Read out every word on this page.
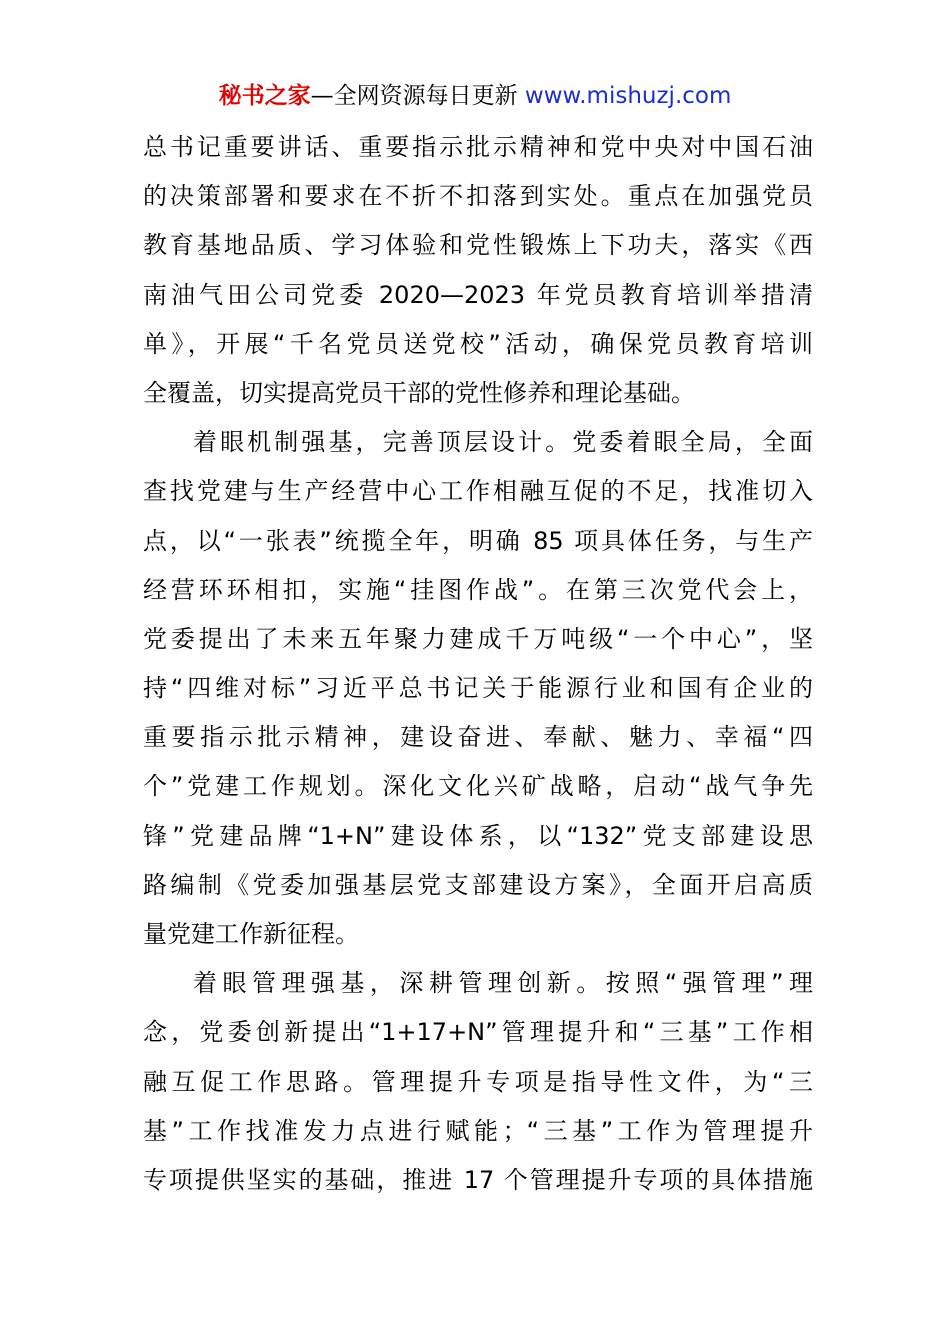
秘书之家—全网资源每日更新 www.mishuzj.com
总书记重要讲话、重要指示批示精神和党中央对中国石油
的决策部署和要求在不折不扣落到实处。重点在加强党员
教育基地品质、学习体验和党性锻炼上下功夫，落实《西
南油气田公司党委 2020—2023 年党员教育培训举措清
单》，开展“千名党员送党校”活动，确保党员教育培训
全覆盖，切实提高党员干部的党性修养和理论基础。
着眼机制强基，完善顶层设计。党委着眼全局，全面
查找党建与生产经营中心工作相融互促的不足，找准切入
点，以“一张表”统揽全年，明确 85 项具体任务，与生产
经营环环相扣，实施“挂图作战”。在第三次党代会上，
党委提出了未来五年聚力建成千万吨级“一个中心”，坚
持“四维对标”习近平总书记关于能源行业和国有企业的
重要指示批示精神，建设奋进、奉献、魅力、幸福“四
个”党建工作规划。深化文化兴矿战略，启动“战气争先
锋”党建品牌“1+N”建设体系，以“132”党支部建设思
路编制《党委加强基层党支部建设方案》，全面开启高质
量党建工作新征程。
着眼管理强基，深耕管理创新。按照“强管理”理
念，党委创新提出“1+17+N”管理提升和“三基”工作相
融互促工作思路。管理提升专项是指导性文件，为“三
基”工作找准发力点进行赋能；“三基”工作为管理提升
专项提供坚实的基础，推进 17 个管理提升专项的具体措施
